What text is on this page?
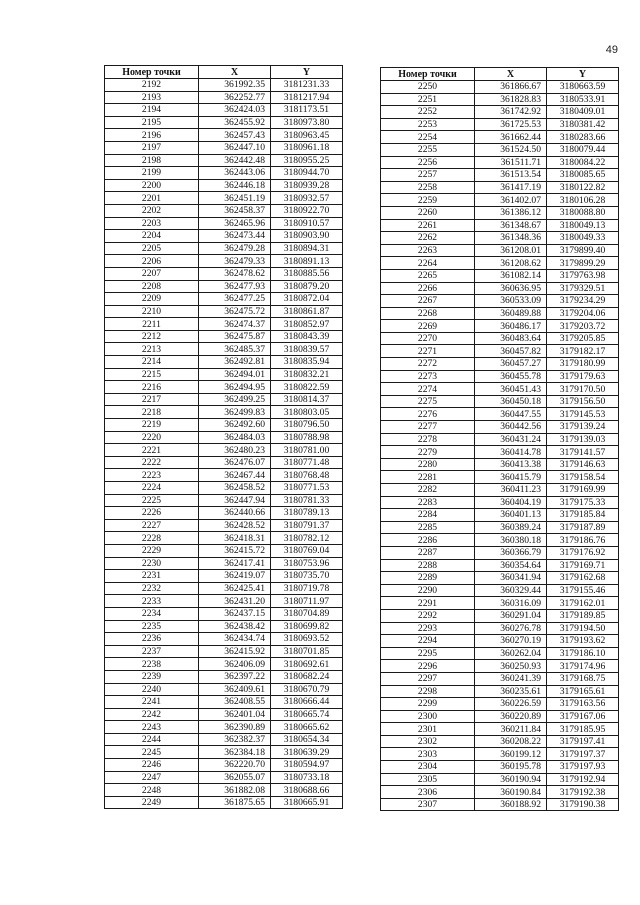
49
Номер точки	X	Y
2192	361992.35	3181231.33
2193	362252.77	3181217.94
2194	362424.03	3181173.51
2195	362455.92	3180973.80
2196	362457.43	3180963.45
2197	362447.10	3180961.18
2198	362442.48	3180955.25
2199	362443.06	3180944.70
2200	362446.18	3180939.28
2201	362451.19	3180932.57
2202	362458.37	3180922.70
2203	362465.96	3180910.57
2204	362473.44	3180903.90
2205	362479.28	3180894.31
2206	362479.33	3180891.13
2207	362478.62	3180885.56
2208	362477.93	3180879.20
2209	362477.25	3180872.04
2210	362475.72	3180861.87
2211	362474.37	3180852.97
2212	362475.87	3180843.39
2213	362485.37	3180839.57
2214	362492.81	3180835.94
2215	362494.01	3180832.21
2216	362494.95	3180822.59
2217	362499.25	3180814.37
2218	362499.83	3180803.05
2219	362492.60	3180796.50
2220	362484.03	3180788.98
2221	362480.23	3180781.00
2222	362476.07	3180771.48
2223	362467.44	3180768.48
2224	362458.52	3180771.53
2225	362447.94	3180781.33
2226	362440.66	3180789.13
2227	362428.52	3180791.37
2228	362418.31	3180782.12
2229	362415.72	3180769.04
2230	362417.41	3180753.96
2231	362419.07	3180735.70
2232	362425.41	3180719.78
2233	362431.20	3180711.97
2234	362437.15	3180704.89
2235	362438.42	3180699.82
2236	362434.74	3180693.52
2237	362415.92	3180701.85
2238	362406.09	3180692.61
2239	362397.22	3180682.24
2240	362409.61	3180670.79
2241	362408.55	3180666.44
2242	362401.04	3180665.74
2243	362390.89	3180665.62
2244	362382.37	3180654.34
2245	362384.18	3180639.29
2246	362220.70	3180594.97
2247	362055.07	3180733.18
2248	361882.08	3180688.66
2249	361875.65	3180665.91
Номер точки	X	Y
2250	361866.67	3180663.59
2251	361828.83	3180533.91
2252	361742.92	3180409.01
2253	361725.53	3180381.42
2254	361662.44	3180283.66
2255	361524.50	3180079.44
2256	361511.71	3180084.22
2257	361513.54	3180085.65
2258	361417.19	3180122.82
2259	361402.07	3180106.28
2260	361386.12	3180088.80
2261	361348.67	3180049.13
2262	361348.36	3180049.33
2263	361208.01	3179899.40
2264	361208.62	3179899.29
2265	361082.14	3179763.98
2266	360636.95	3179329.51
2267	360533.09	3179234.29
2268	360489.88	3179204.06
2269	360486.17	3179203.72
2270	360483.64	3179205.85
2271	360457.82	3179182.17
2272	360457.27	3179180.99
2273	360455.78	3179179.63
2274	360451.43	3179170.50
2275	360450.18	3179156.50
2276	360447.55	3179145.53
2277	360442.56	3179139.24
2278	360431.24	3179139.03
2279	360414.78	3179141.57
2280	360413.38	3179146.63
2281	360415.79	3179158.54
2282	360411.23	3179169.99
2283	360404.19	3179175.33
2284	360401.13	3179185.84
2285	360389.24	3179187.89
2286	360380.18	3179186.76
2287	360366.79	3179176.92
2288	360354.64	3179169.71
2289	360341.94	3179162.68
2290	360329.44	3179155.46
2291	360316.09	3179162.01
2292	360291.04	3179189.85
2293	360276.78	3179194.50
2294	360270.19	3179193.62
2295	360262.04	3179186.10
2296	360250.93	3179174.96
2297	360241.39	3179168.75
2298	360235.61	3179165.61
2299	360226.59	3179163.56
2300	360220.89	3179167.06
2301	360211.84	3179185.95
2302	360208.22	3179197.41
2303	360199.12	3179197.37
2304	360195.78	3179197.93
2305	360190.94	3179192.94
2306	360190.84	3179192.38
2307	360188.92	3179190.38
